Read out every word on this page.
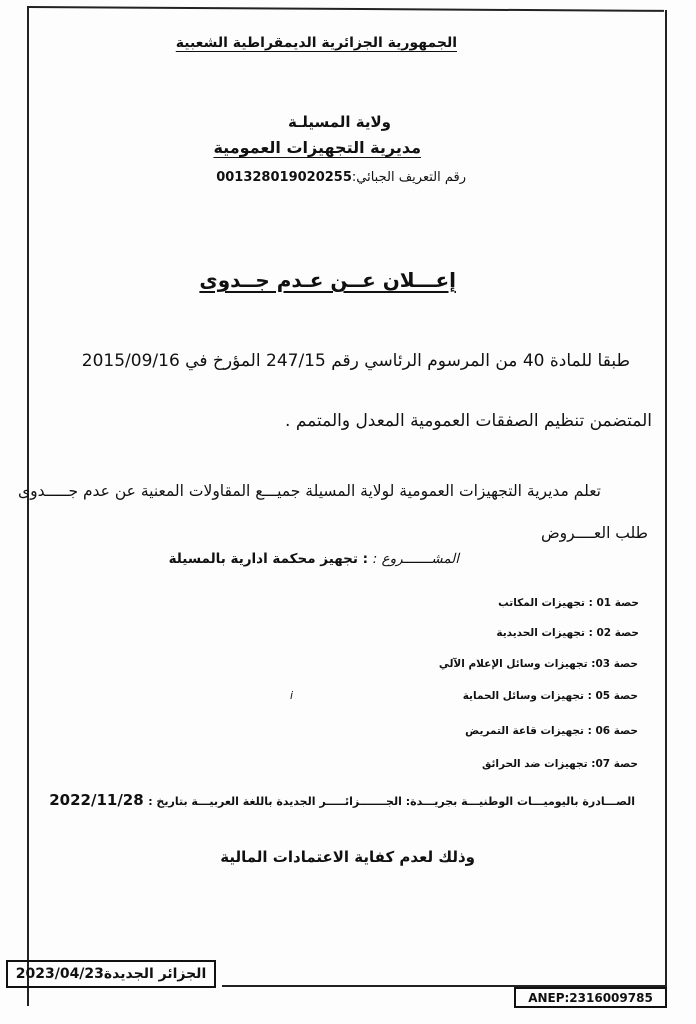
الجمهورية الجزائرية الديمقراطية الشعبية
ولاية المسيلـة
مديرية التجهيزات العمومية
رقم التعريف الجبائي:001328019020255
إعـــلان عــن عـدم جــدوى
طبقا للمادة 40 من المرسوم الرئاسي رقم 247/15 المؤرخ في 2015/09/16
المتضمن تنظيم الصفقات العمومية المعدل والمتمم .
تعلم مديرية التجهيزات العمومية لولاية المسيلة جميـــع المقاولات المعنية عن عدم جـــــدوى
طلب العــــروض
المشـــــــروع : : تجهيز محكمة ادارية بالمسيلة
حصة 01 : تجهيزات المكاتب
حصة 02 : تجهيزات الحديدية
حصة 03: تجهيزات وسائل الإعلام الآلي
حصة 05 : تجهيزات وسائل الحماية
حصة 06 : تجهيزات قاعة التمريض
حصة 07: تجهيزات ضد الحرائق
i
الصـــادرة باليوميـــات الوطنيـــة بجريـــدة: الجـــــــزائـــــر الجديدة باللغة العربيـــة بتاريخ : 2022/11/28
وذلك لعدم كفاية الاعتمادات المالية
الجزائر الجديدة
2023/04/23
ANEP:2316009785
